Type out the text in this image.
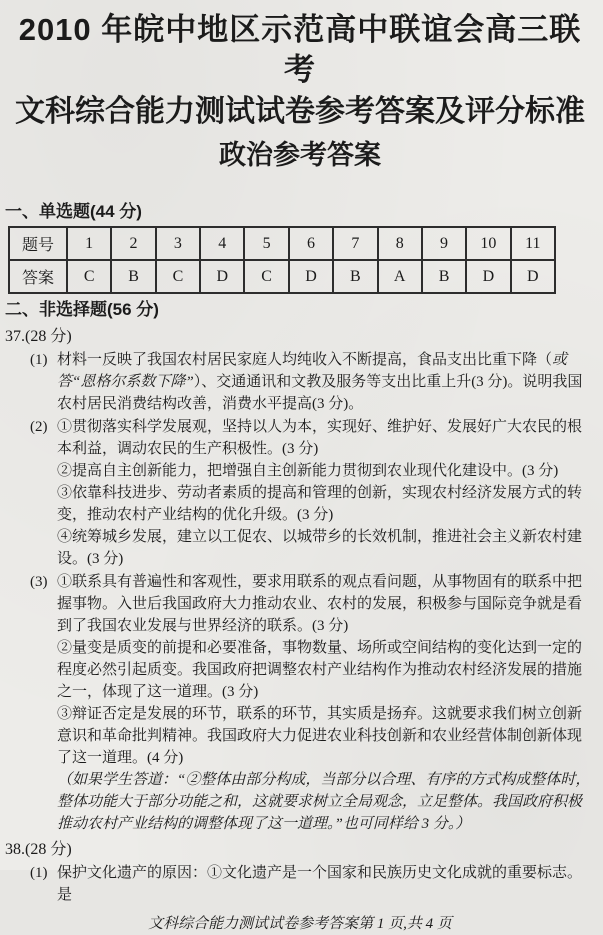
2010 年皖中地区示范高中联谊会高三联考
文科综合能力测试试卷参考答案及评分标准
政治参考答案
一、单选题(44 分)
题号	1	2	3	4	5	6	7	8	9	10	11
答案	C	B	C	D	C	D	B	A	B	D	D
二、非选择题(56 分)
37.(28 分)
(1) 材料一反映了我国农村居民家庭人均纯收入不断提高，食品支出比重下降（或答“恩格尔系数下降”）、交通通讯和文教及服务等支出比重上升(3 分)。说明我国农村居民消费结构改善，消费水平提高(3 分)。
(2) ①贯彻落实科学发展观，坚持以人为本，实现好、维护好、发展好广大农民的根本利益，调动农民的生产积极性。(3 分)
②提高自主创新能力，把增强自主创新能力贯彻到农业现代化建设中。(3 分)
③依靠科技进步、劳动者素质的提高和管理的创新，实现农村经济发展方式的转变，推动农村产业结构的优化升级。(3 分)
④统筹城乡发展，建立以工促农、以城带乡的长效机制，推进社会主义新农村建设。(3 分)
(3) ①联系具有普遍性和客观性，要求用联系的观点看问题，从事物固有的联系中把握事物。入世后我国政府大力推动农业、农村的发展，积极参与国际竞争就是看到了我国农业发展与世界经济的联系。(3 分)
②量变是质变的前提和必要准备，事物数量、场所或空间结构的变化达到一定的程度必然引起质变。我国政府把调整农村产业结构作为推动农村经济发展的措施之一，体现了这一道理。(3 分)
③辩证否定是发展的环节，联系的环节，其实质是扬弃。这就要求我们树立创新意识和革命批判精神。我国政府大力促进农业科技创新和农业经营体制创新体现了这一道理。(4 分)
（如果学生答道：“②整体由部分构成，当部分以合理、有序的方式构成整体时，整体功能大于部分功能之和，这就要求树立全局观念，立足整体。我国政府积极推动农村产业结构的调整体现了这一道理。”也可同样给 3 分。）
38.(28 分)
(1) 保护文化遗产的原因：①文化遗产是一个国家和民族历史文化成就的重要标志。是
文科综合能力测试试卷参考答案第 1 页,共 4 页
